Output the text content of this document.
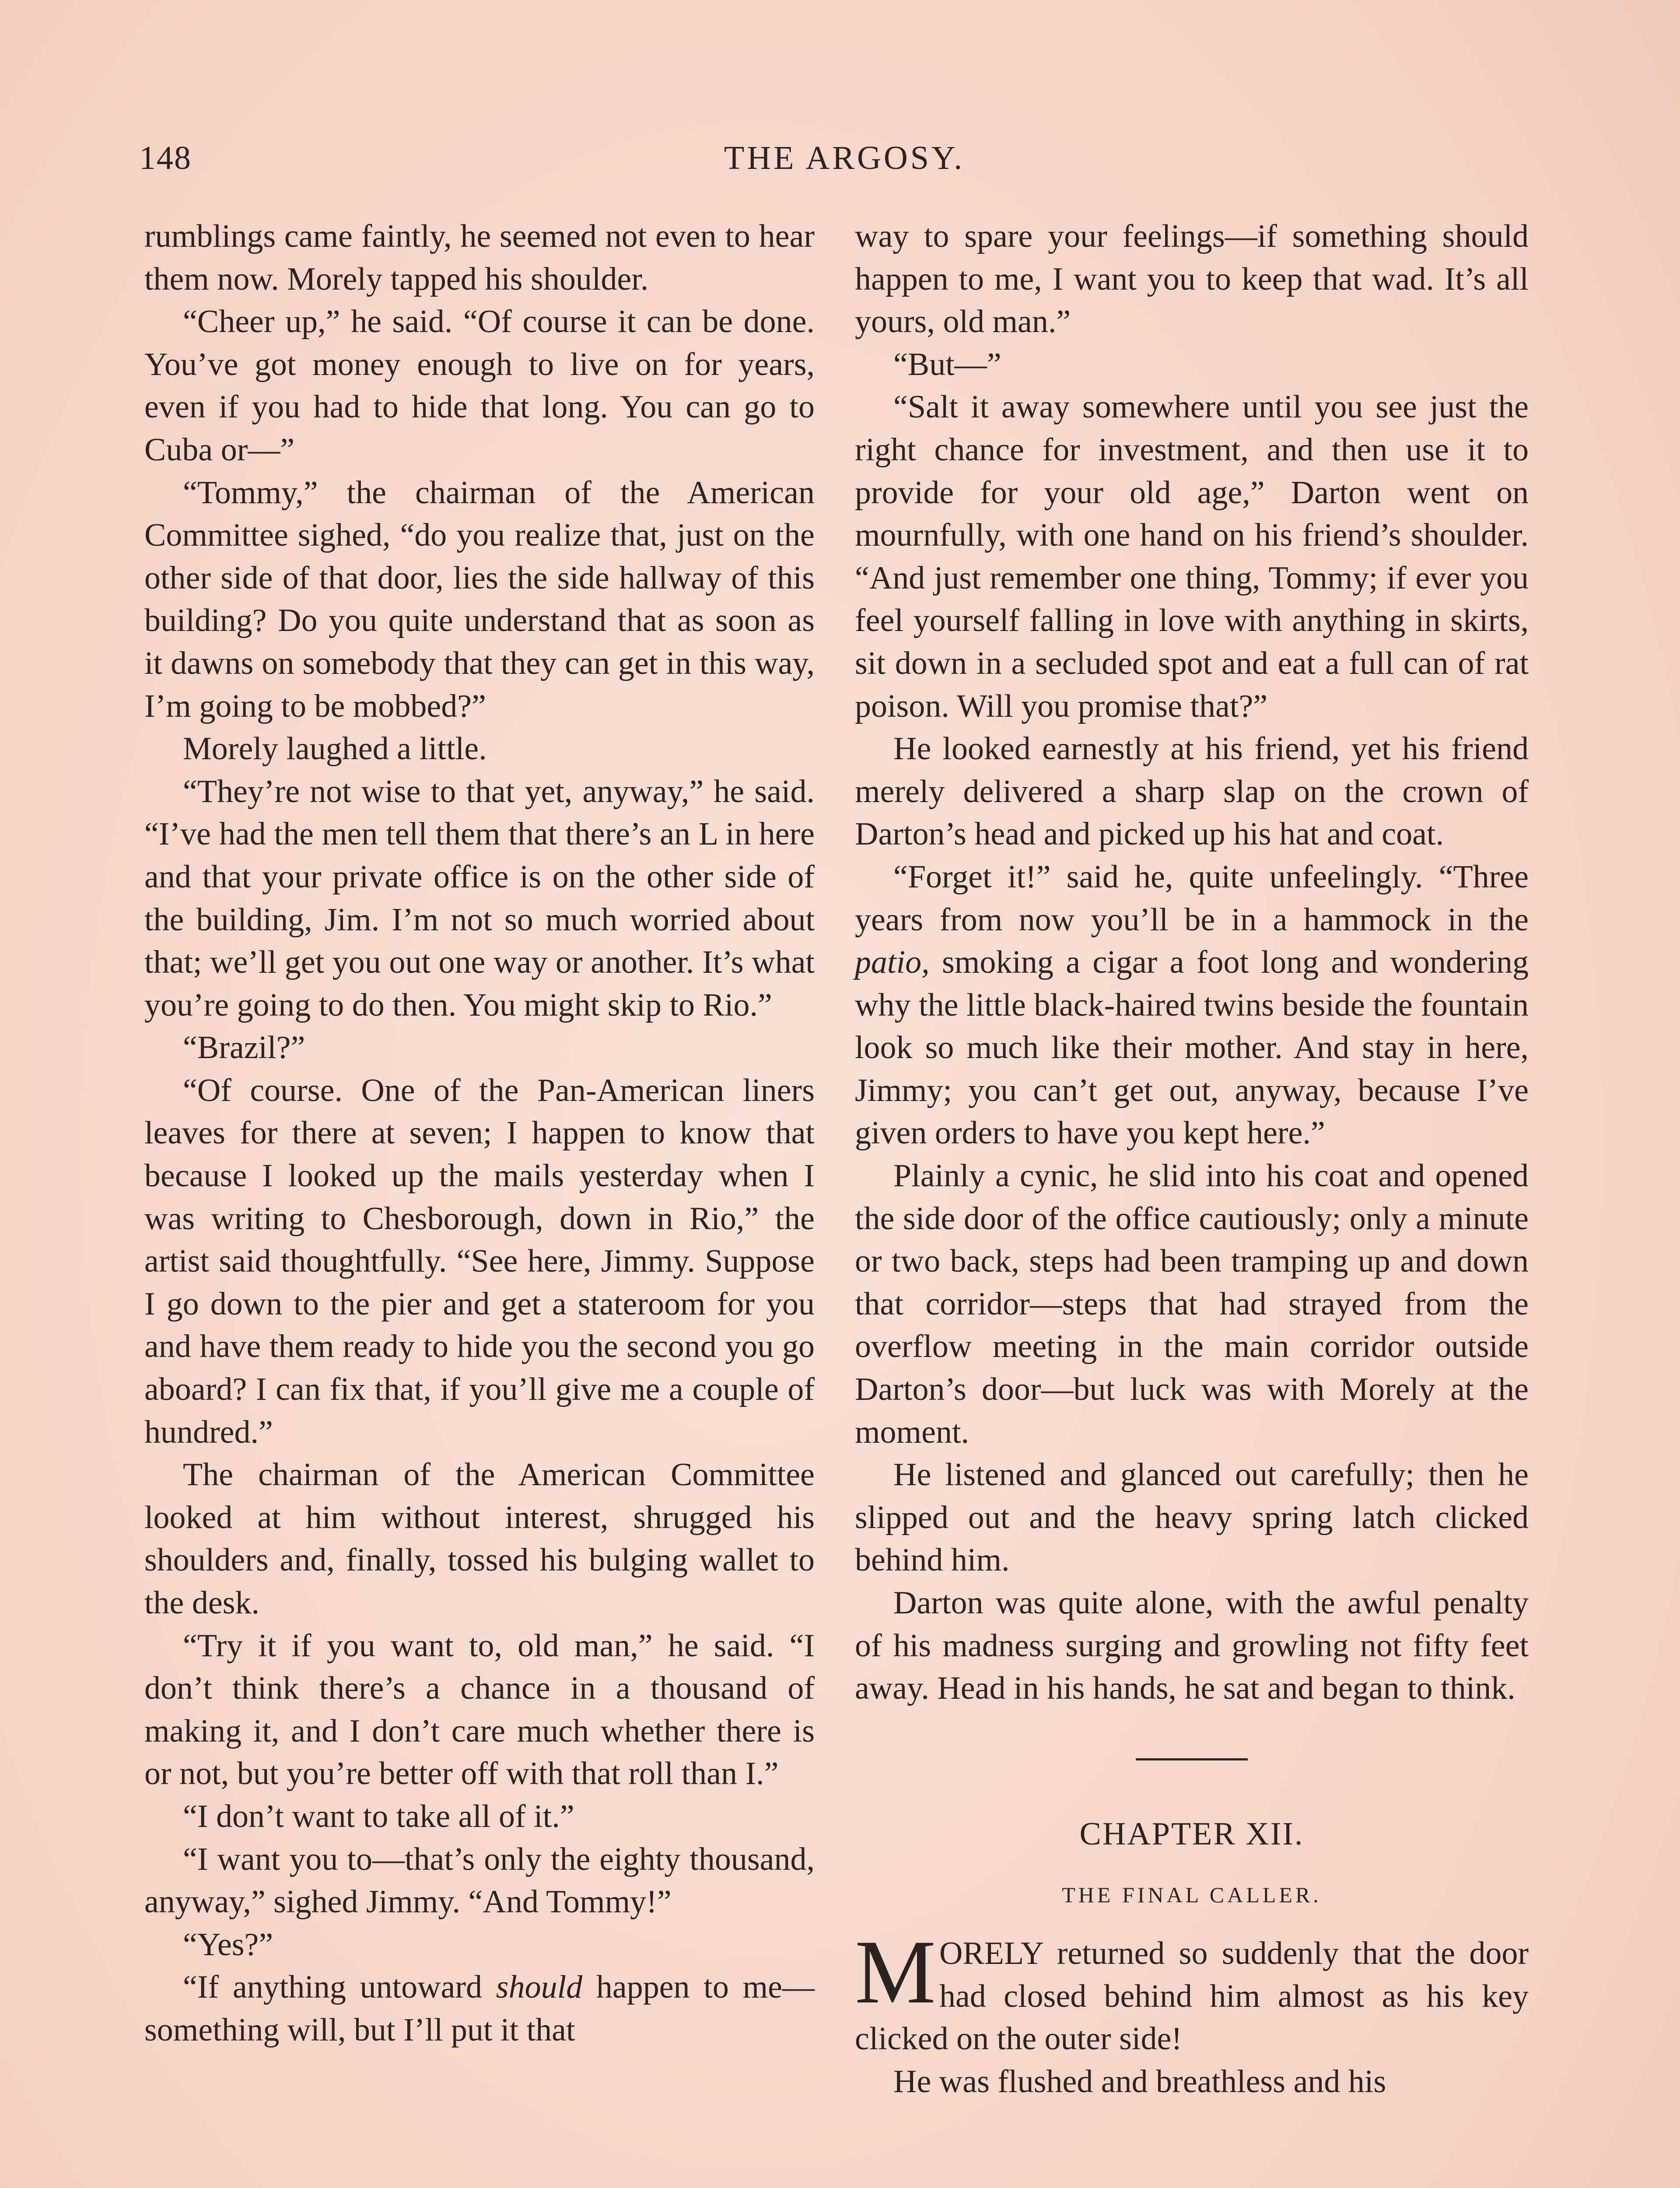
148	THE ARGOSY.

rumblings came faintly, he seemed not even to hear them now. Morely tapped his shoulder.

“Cheer up,” he said. “Of course it can be done. You’ve got money enough to live on for years, even if you had to hide that long. You can go to Cuba or—”

“Tommy,” the chairman of the American Committee sighed, “do you realize that, just on the other side of that door, lies the side hallway of this building? Do you quite understand that as soon as it dawns on somebody that they can get in this way, I’m going to be mobbed?”

Morely laughed a little.

“They’re not wise to that yet, anyway,” he said. “I’ve had the men tell them that there’s an L in here and that your private office is on the other side of the building, Jim. I’m not so much worried about that; we’ll get you out one way or another. It’s what you’re going to do then. You might skip to Rio.”

“Brazil?”

“Of course. One of the Pan-American liners leaves for there at seven; I happen to know that because I looked up the mails yesterday when I was writing to Chesborough, down in Rio,” the artist said thoughtfully. “See here, Jimmy. Suppose I go down to the pier and get a stateroom for you and have them ready to hide you the second you go aboard? I can fix that, if you’ll give me a couple of hundred.”

The chairman of the American Committee looked at him without interest, shrugged his shoulders and, finally, tossed his bulging wallet to the desk.

“Try it if you want to, old man,” he said. “I don’t think there’s a chance in a thousand of making it, and I don’t care much whether there is or not, but you’re better off with that roll than I.”

“I don’t want to take all of it.”

“I want you to—that’s only the eighty thousand, anyway,” sighed Jimmy. “And Tommy!”

“Yes?”

“If anything untoward should happen to me—something will, but I’ll put it that

way to spare your feelings—if something should happen to me, I want you to keep that wad. It’s all yours, old man.”

“But—”

“Salt it away somewhere until you see just the right chance for investment, and then use it to provide for your old age,” Darton went on mournfully, with one hand on his friend’s shoulder. “And just remember one thing, Tommy; if ever you feel yourself falling in love with anything in skirts, sit down in a secluded spot and eat a full can of rat poison. Will you promise that?”

He looked earnestly at his friend, yet his friend merely delivered a sharp slap on the crown of Darton’s head and picked up his hat and coat.

“Forget it!” said he, quite unfeelingly. “Three years from now you’ll be in a hammock in the patio, smoking a cigar a foot long and wondering why the little black-haired twins beside the fountain look so much like their mother. And stay in here, Jimmy; you can’t get out, anyway, because I’ve given orders to have you kept here.”

Plainly a cynic, he slid into his coat and opened the side door of the office cautiously; only a minute or two back, steps had been tramping up and down that corridor—steps that had strayed from the overflow meeting in the main corridor outside Darton’s door—but luck was with Morely at the moment.

He listened and glanced out carefully; then he slipped out and the heavy spring latch clicked behind him.

Darton was quite alone, with the awful penalty of his madness surging and growling not fifty feet away. Head in his hands, he sat and began to think.

CHAPTER XII.
THE FINAL CALLER.

MORELY returned so suddenly that the door had closed behind him almost as his key clicked on the outer side!

He was flushed and breathless and his
